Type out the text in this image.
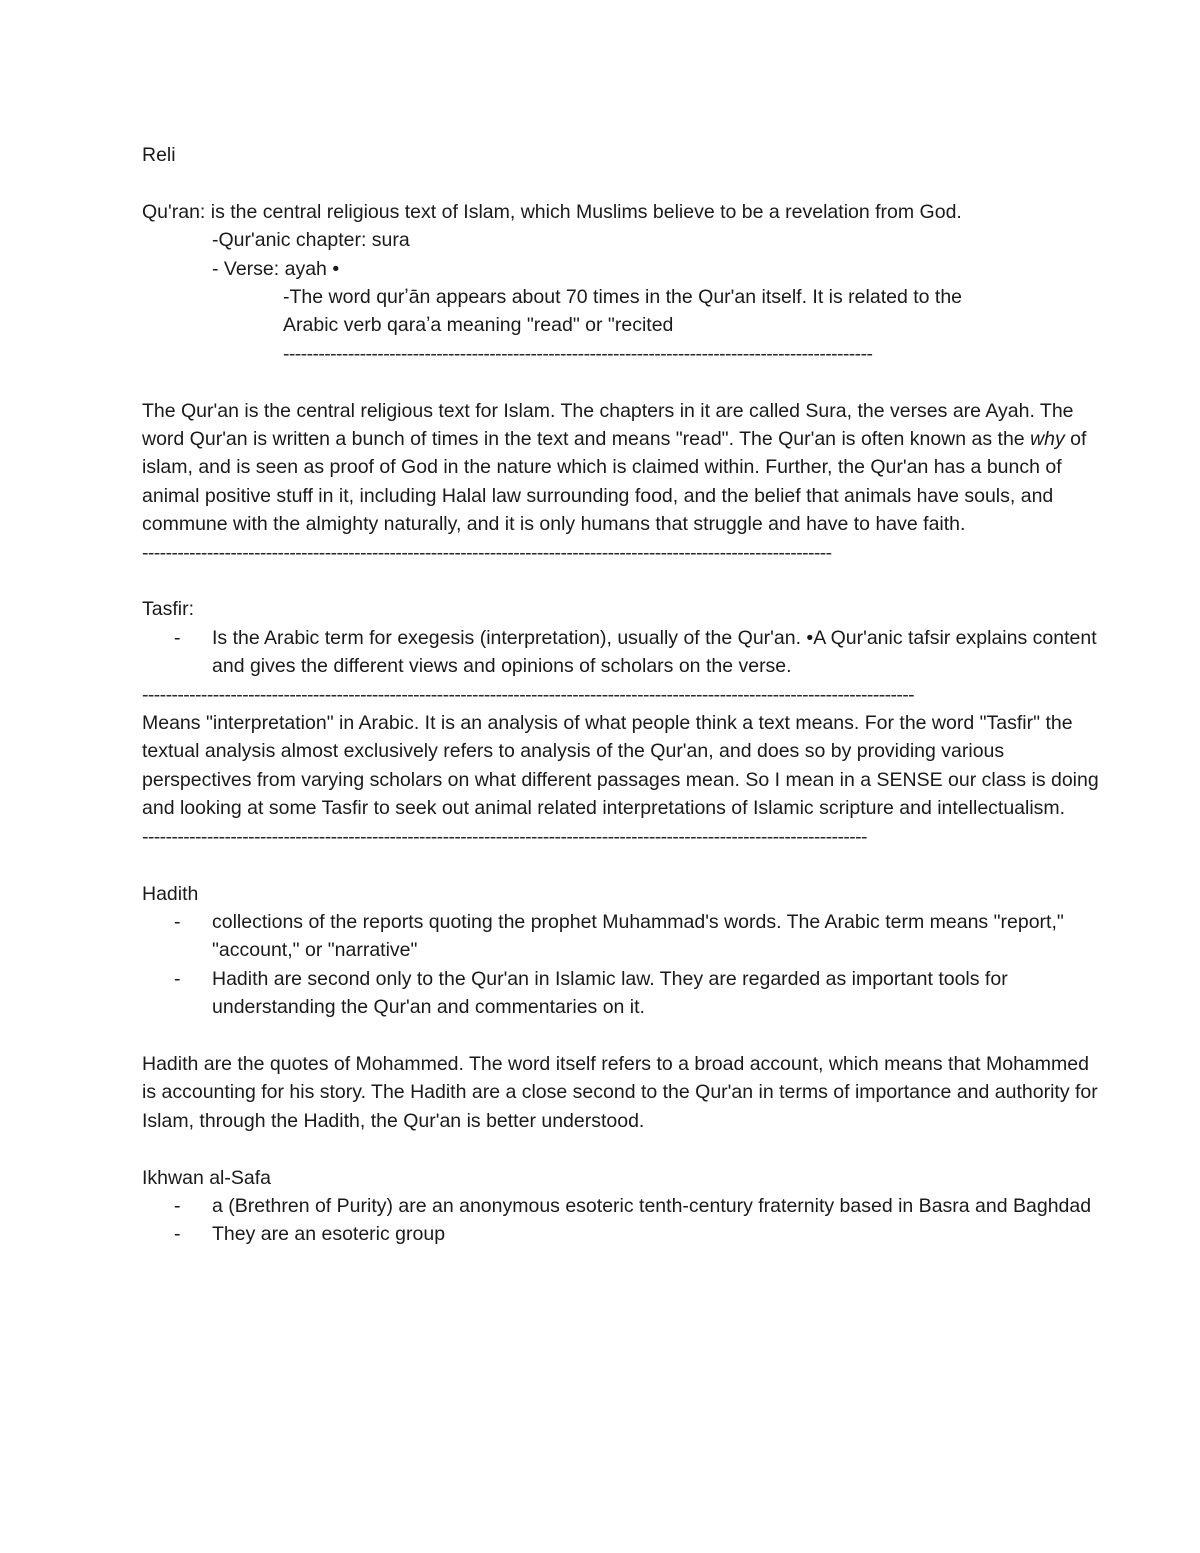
Reli
Qu'ran: is the central religious text of Islam, which Muslims believe to be a revelation from God.
-Qur'anic chapter: sura
- Verse: ayah •
-The word qurʼān appears about 70 times in the Qur'an itself. It is related to the
Arabic verb qaraʼa meaning "read" or "recited
----------------------------------------------------------------------------------------------------

The Qur'an is the central religious text for Islam. The chapters in it are called Sura, the verses are Ayah. The word Qur'an is written a bunch of times in the text and means "read". The Qur'an is often known as the why of islam, and is seen as proof of God in the nature which is claimed within. Further, the Qur'an has a bunch of animal positive stuff in it, including Halal law surrounding food, and the belief that animals have souls, and commune with the almighty naturally, and it is only humans that struggle and have to have faith.

---------------------------------------------------------------------------------------------------------------------
Tasfir:
- Is the Arabic term for exegesis (interpretation), usually of the Qur'an. •A Qur'anic tafsir explains content and gives the different views and opinions of scholars on the verse.
-----------------------------------------------------------------------------------------------------------------------------------

Means "interpretation" in Arabic. It is an analysis of what people think a text means. For the word "Tasfir" the textual analysis almost exclusively refers to analysis of the Qur'an, and does so by providing various perspectives from varying scholars on what different passages mean. So I mean in a SENSE our class is doing and looking at some Tasfir to seek out animal related interpretations of Islamic scripture and intellectualism.

---------------------------------------------------------------------------------------------------------------------------
Hadith
- collections of the reports quoting the prophet Muhammad's words. The Arabic term means "report," "account," or "narrative"
- Hadith are second only to the Qur'an in Islamic law. They are regarded as important tools for understanding the Qur'an and commentaries on it.

Hadith are the quotes of Mohammed. The word itself refers to a broad account, which means that Mohammed is accounting for his story. The Hadith are a close second to the Qur'an in terms of importance and authority for Islam, through the Hadith, the Qur'an is better understood.

Ikhwan al-Safa
- a (Brethren of Purity) are an anonymous esoteric tenth-century fraternity based in Basra and Baghdad
- They are an esoteric group
